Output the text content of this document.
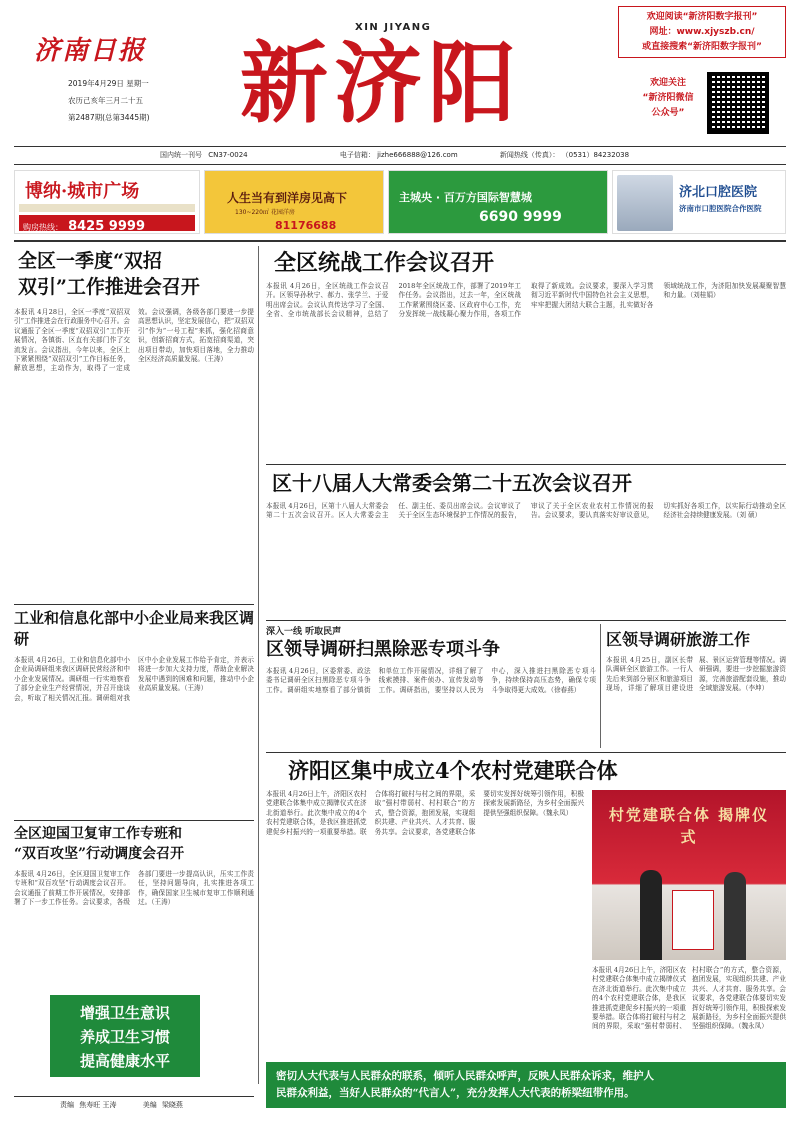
济南日报
2019年4月29日 星期一
农历己亥年三月二十五
第2487期(总第3445期)
XIN JIYANG
新济阳
欢迎阅读“新济阳数字报刊”
网址：www.xjyszb.cn/
或直接搜索“新济阳数字报刊”
欢迎关注
“新济阳微信
公众号”
国内统一刊号 CN37-0024	电子信箱： jizhe666888@126.com	新闻热线（传真）： （0531）84232038
博纳·城市广场
购房热线： 8425 9999
人生当有到洋房见高下
130~220㎡ 花园洋房
81176688
主城央 · 百万方国际智慧城
6690 9999
济北口腔医院
济南市口腔医院合作医院
全区一季度“双招
双引”工作推进会召开
本报讯 4月28日，全区一季度“双招双引”工作推进会在行政服务中心召开。会议通报了全区一季度“双招双引”工作开展情况，各镇街、区直有关部门作了交流发言。会议指出，今年以来，全区上下紧紧围绕“双招双引”工作目标任务，解放思想，主动作为，取得了一定成效。会议强调，各级各部门要进一步提高思想认识，坚定发展信心，把“双招双引”作为“一号工程”来抓，强化招商意识，创新招商方式，拓宽招商渠道，突出项目带动，加快项目落地，全力推动全区经济高质量发展。（王涛）
工业和信息化部中小企业局来我区调研
本报讯 4月26日，工业和信息化部中小企业局调研组来我区调研民营经济和中小企业发展情况。调研组一行实地察看了部分企业生产经营情况，并召开座谈会，听取了相关情况汇报。调研组对我区中小企业发展工作给予肯定，并表示将进一步加大支持力度，帮助企业解决发展中遇到的困难和问题，推动中小企业高质量发展。（王涛）
全区迎国卫复审工作专班和
“双百攻坚”行动调度会召开
本报讯 4月26日，全区迎国卫复审工作专班和“双百攻坚”行动调度会议召开。会议通报了前期工作开展情况，安排部署了下一步工作任务。会议要求，各级各部门要进一步提高认识，压实工作责任，坚持问题导向，扎实推进各项工作，确保国家卫生城市复审工作顺利通过。（王涛）
增强卫生意识
养成卫生习惯
提高健康水平
全区统战工作会议召开
本报讯 4月26日，全区统战工作会议召开。区领导孙秋宁、郝力、张学兰、于爱明出席会议。会议认真传达学习了全国、全省、全市统战部长会议精神，总结了2018年全区统战工作，部署了2019年工作任务。会议指出，过去一年，全区统战工作紧紧围绕区委、区政府中心工作，充分发挥统一战线凝心聚力作用，各项工作取得了新成效。会议要求，要深入学习贯彻习近平新时代中国特色社会主义思想，牢牢把握大团结大联合主题，扎实做好各领域统战工作，为济阳加快发展凝聚智慧和力量。（刘桂娟）
区十八届人大常委会第二十五次会议召开
本报讯 4月26日，区第十八届人大常委会第二十五次会议召开。区人大常委会主任、副主任、委员出席会议。会议审议了关于全区生态环境保护工作情况的报告，审议了关于全区农业农村工作情况的报告。会议要求，要认真落实好审议意见，切实抓好各项工作，以实际行动推动全区经济社会持续健康发展。（刘 硕）
深入一线 听取民声
区领导调研扫黑除恶专项斗争
本报讯 4月26日，区委常委、政法委书记调研全区扫黑除恶专项斗争工作。调研组实地察看了部分镇街和单位工作开展情况，详细了解了线索摸排、案件侦办、宣传发动等工作。调研指出，要坚持以人民为中心，深入推进扫黑除恶专项斗争，持续保持高压态势，确保专项斗争取得更大成效。（徐春燕）
区领导调研旅游工作
本报讯 4月25日，副区长带队调研全区旅游工作。一行人先后来到部分景区和旅游项目现场，详细了解项目建设进展、景区运营管理等情况。调研强调，要进一步挖掘旅游资源，完善旅游配套设施，推动全域旅游发展。（李坤）
济阳区集中成立4个农村党建联合体
本报讯 4月26日上午，济阳区农村党建联合体集中成立揭牌仪式在济北街道举行。此次集中成立的4个农村党建联合体，是我区推进抓党建促乡村振兴的一项重要举措。联合体将打破村与村之间的界限，采取“强村带弱村、村村联合”的方式，整合资源，抱团发展，实现组织共建、产业共兴、人才共育、服务共享。会议要求，各党建联合体要切实发挥好统筹引领作用，积极探索发展新路径，为乡村全面振兴提供坚强组织保障。（魏永凤）	村党建联合体 揭牌仪式
本报讯 4月26日上午，济阳区农村党建联合体集中成立揭牌仪式在济北街道举行。此次集中成立的4个农村党建联合体，是我区推进抓党建促乡村振兴的一项重要举措。联合体将打破村与村之间的界限，采取“强村带弱村、村村联合”的方式，整合资源，抱团发展，实现组织共建、产业共兴、人才共育、服务共享。会议要求，各党建联合体要切实发挥好统筹引领作用，积极探索发展新路径，为乡村全面振兴提供坚强组织保障。（魏永凤）
密切人大代表与人民群众的联系，倾听人民群众呼声，反映人民群众诉求，维护人
民群众利益，当好人民群众的“代言人”，充分发挥人大代表的桥梁纽带作用。
责编 焦寿旺 王涛	美编 梁晓燕
